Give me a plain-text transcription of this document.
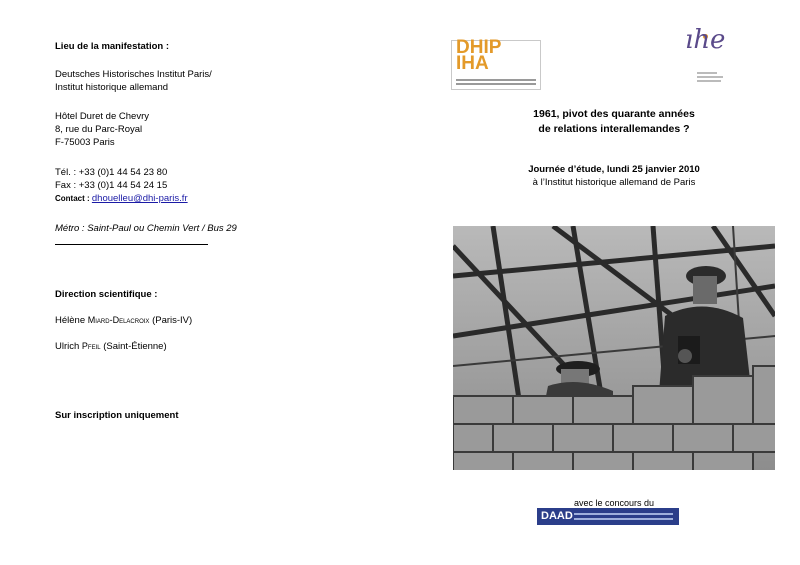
Lieu de la manifestation :
Deutsches Historisches Institut Paris/
Institut historique allemand
Hôtel Duret de Chevry
8, rue du Parc-Royal
F-75003 Paris
Tél. : +33 (0)1 44 54 23 80
Fax : +33 (0)1 44 54 24 15
Contact : dhouelleu@dhi-paris.fr
Métro : Saint-Paul ou Chemin Vert / Bus 29
Direction scientifique :
Hélène Miard-Delacroix (Paris-IV)
Ulrich Pfeil (Saint-Étienne)
Sur inscription uniquement
DHIP
IHA
ıhe
1961, pivot des quarante années
de relations interallemandes ?
Journée d’étude, lundi 25 janvier 2010
à l’Institut historique allemand de Paris
avec le concours du
DAAD
